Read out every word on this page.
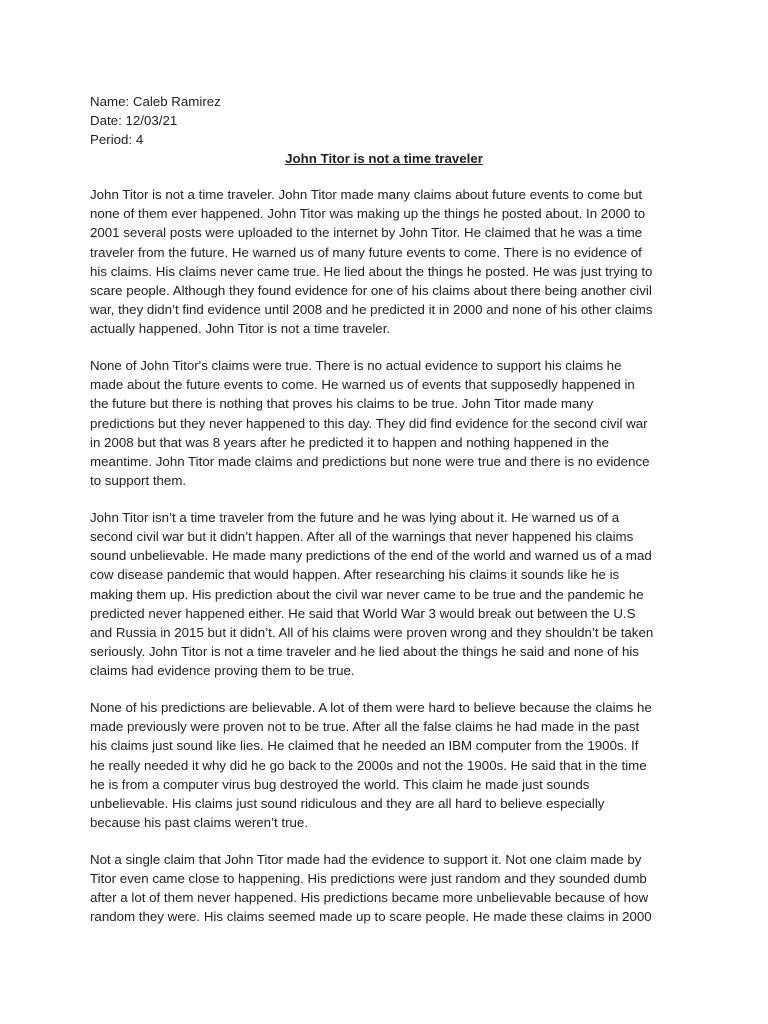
Name: Caleb Ramirez
Date: 12/03/21
Period: 4
John Titor is not a time traveler

John Titor is not a time traveler. John Titor made many claims about future events to come but
none of them ever happened. John Titor was making up the things he posted about. In 2000 to
2001 several posts were uploaded to the internet by John Titor. He claimed that he was a time
traveler from the future. He warned us of many future events to come. There is no evidence of
his claims. His claims never came true. He lied about the things he posted. He was just trying to
scare people. Although they found evidence for one of his claims about there being another civil
war, they didn’t find evidence until 2008 and he predicted it in 2000 and none of his other claims
actually happened. John Titor is not a time traveler.

None of John Titor's claims were true. There is no actual evidence to support his claims he
made about the future events to come. He warned us of events that supposedly happened in
the future but there is nothing that proves his claims to be true. John Titor made many
predictions but they never happened to this day. They did find evidence for the second civil war
in 2008 but that was 8 years after he predicted it to happen and nothing happened in the
meantime. John Titor made claims and predictions but none were true and there is no evidence
to support them.

John Titor isn’t a time traveler from the future and he was lying about it. He warned us of a
second civil war but it didn’t happen. After all of the warnings that never happened his claims
sound unbelievable. He made many predictions of the end of the world and warned us of a mad
cow disease pandemic that would happen. After researching his claims it sounds like he is
making them up. His prediction about the civil war never came to be true and the pandemic he
predicted never happened either. He said that World War 3 would break out between the U.S
and Russia in 2015 but it didn’t. All of his claims were proven wrong and they shouldn’t be taken
seriously. John Titor is not a time traveler and he lied about the things he said and none of his
claims had evidence proving them to be true.

None of his predictions are believable. A lot of them were hard to believe because the claims he
made previously were proven not to be true. After all the false claims he had made in the past
his claims just sound like lies. He claimed that he needed an IBM computer from the 1900s. If
he really needed it why did he go back to the 2000s and not the 1900s. He said that in the time
he is from a computer virus bug destroyed the world. This claim he made just sounds
unbelievable. His claims just sound ridiculous and they are all hard to believe especially
because his past claims weren’t true.

Not a single claim that John Titor made had the evidence to support it. Not one claim made by
Titor even came close to happening. His predictions were just random and they sounded dumb
after a lot of them never happened. His predictions became more unbelievable because of how
random they were. His claims seemed made up to scare people. He made these claims in 2000
